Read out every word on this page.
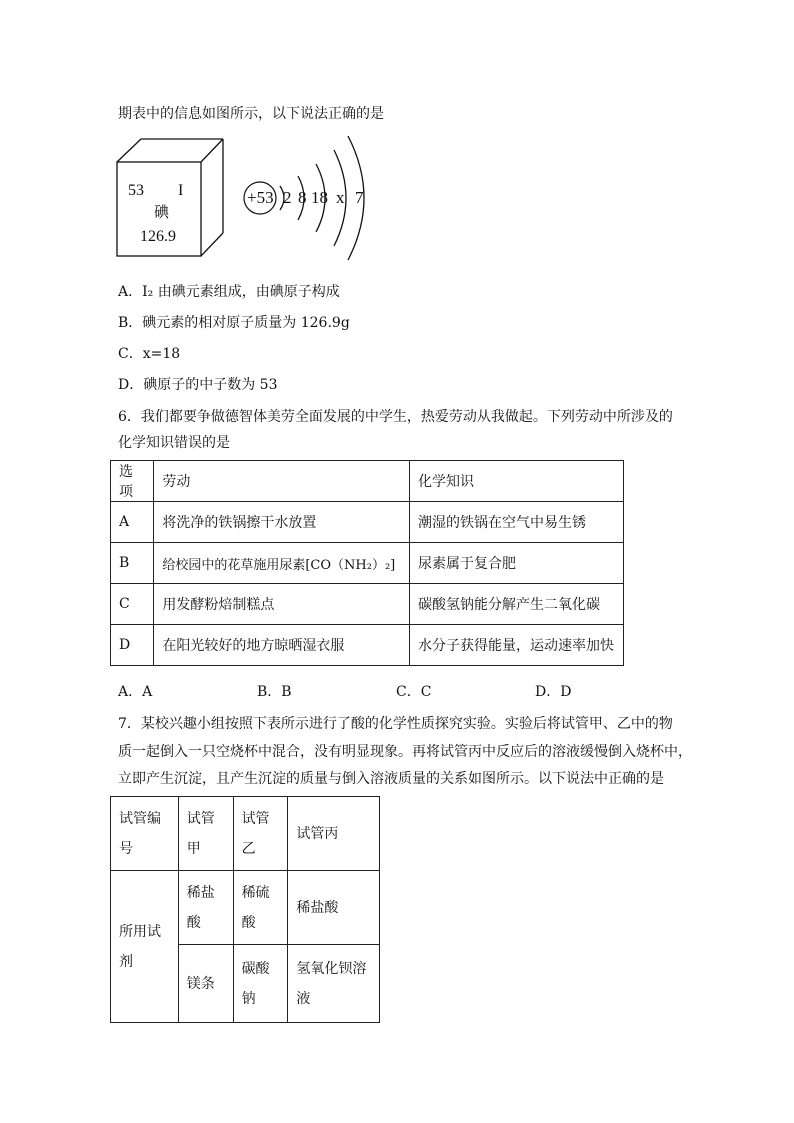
期表中的信息如图所示，以下说法正确的是
53 I
碘
126.9
+53 2 8 18 x 7
A．I₂ 由碘元素组成，由碘原子构成
B．碘元素的相对原子质量为 126.9g
C．x=18
D．碘原子的中子数为 53
6．我们都要争做德智体美劳全面发展的中学生，热爱劳动从我做起。下列劳动中所涉及的
化学知识错误的是
选项	劳动	化学知识
A	将洗净的铁锅擦干水放置	潮湿的铁锅在空气中易生锈
B	给校园中的花草施用尿素[CO（NH₂）₂]	尿素属于复合肥
C	用发酵粉焙制糕点	碳酸氢钠能分解产生二氧化碳
D	在阳光较好的地方晾晒湿衣服	水分子获得能量，运动速率加快
A．A	B．B	C．C	D．D
7．某校兴趣小组按照下表所示进行了酸的化学性质探究实验。实验后将试管甲、乙中的物
质一起倒入一只空烧杯中混合，没有明显现象。再将试管丙中反应后的溶液缓慢倒入烧杯中，
立即产生沉淀，且产生沉淀的质量与倒入溶液质量的关系如图所示。以下说法中正确的是
试管编号	试管甲	试管乙	试管丙
所用试剂	稀盐酸	稀硫酸	稀盐酸
	镁条	碳酸钠	氢氧化钡溶液
